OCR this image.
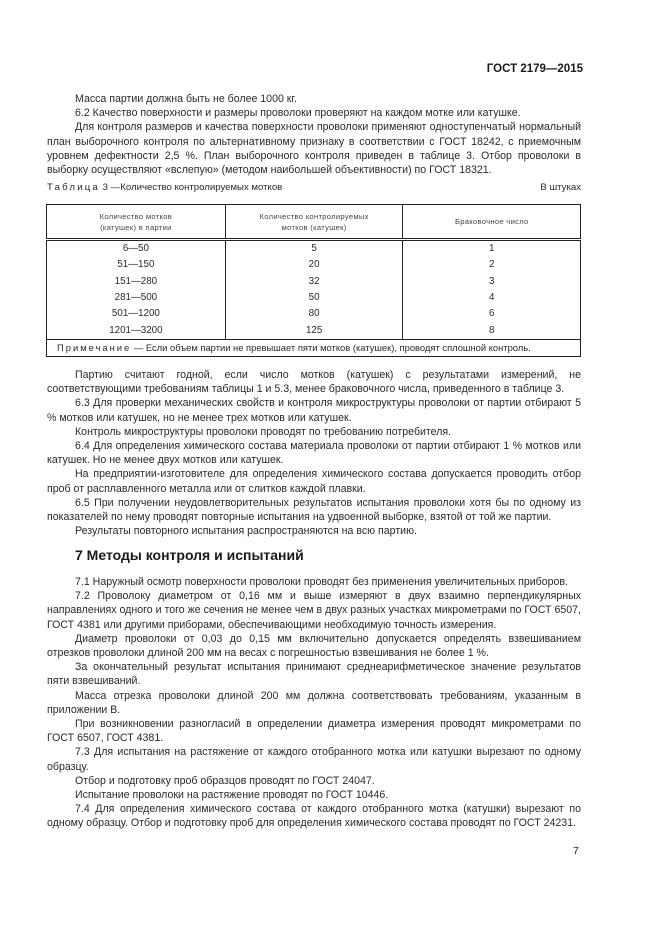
ГОСТ 2179—2015

Масса партии должна быть не более 1000 кг.

6.2 Качество поверхности и размеры проволоки проверяют на каждом мотке или катушке.

Для контроля размеров и качества поверхности проволоки применяют одноступенчатый нормальный план выборочного контроля по альтернативному признаку в соответствии с ГОСТ 18242, с приемочным уровнем дефектности 2,5 %. План выборочного контроля приведен в таблице 3. Отбор проволоки в выборку осуществляют «вслепую» (методом наибольшей объективности) по ГОСТ 18321.

Таблица 3 —Количество контролируемых мотков	В штуках
Количество мотков (катушек) в партии	Количество контролируемых мотков (катушек)	Браковочное число
6—50	5	1
51—150	20	2
151—280	32	3
281—500	50	4
501—1200	80	6
1201—3200	125	8
Примечание — Если объем партии не превышает пяти мотков (катушек), проводят сплошной контроль.		

Партию считают годной, если число мотков (катушек) с результатами измерений, не соответствующими требованиям таблицы 1 и 5.3, менее браковочного числа, приведенного в таблице 3.

6.3 Для проверки механических свойств и контроля микроструктуры проволоки от партии отбирают 5 % мотков или катушек, но не менее трех мотков или катушек.

Контроль микроструктуры проволоки проводят по требованию потребителя.

6.4 Для определения химического состава материала проволоки от партии отбирают 1 % мотков или катушек. Но не менее двух мотков или катушек.

На предприятии-изготовителе для определения химического состава допускается проводить отбор проб от расплавленного металла или от слитков каждой плавки.

6.5 При получении неудовлетворительных результатов испытания проволоки хотя бы по одному из показателей по нему проводят повторные испытания на удвоенной выборке, взятой от той же партии.

Результаты повторного испытания распространяются на всю партию.

7 Методы контроля и испытаний

7.1 Наружный осмотр поверхности проволоки проводят без применения увеличительных приборов.

7.2 Проволоку диаметром от 0,16 мм и выше измеряют в двух взаимно перпендикулярных направлениях одного и того же сечения не менее чем в двух разных участках микрометрами по ГОСТ 6507, ГОСТ 4381 или другими приборами, обеспечивающими необходимую точность измерения.

Диаметр проволоки от 0,03 до 0,15 мм включительно допускается определять взвешиванием отрезков проволоки длиной 200 мм на весах с погрешностью взвешивания не более 1 %.

За окончательный результат испытания принимают среднеарифметическое значение результатов пяти взвешиваний.

Масса отрезка проволоки длиной 200 мм должна соответствовать требованиям, указанным в приложении В.

При возникновении разногласий в определении диаметра измерения проводят микрометрами по ГОСТ 6507, ГОСТ 4381.

7.3 Для испытания на растяжение от каждого отобранного мотка или катушки вырезают по одному образцу.

Отбор и подготовку проб образцов проводят по ГОСТ 24047.

Испытание проволоки на растяжение проводят по ГОСТ 10446.

7.4 Для определения химического состава от каждого отобранного мотка (катушки) вырезают по одному образцу. Отбор и подготовку проб для определения химического состава проводят по ГОСТ 24231.

7
